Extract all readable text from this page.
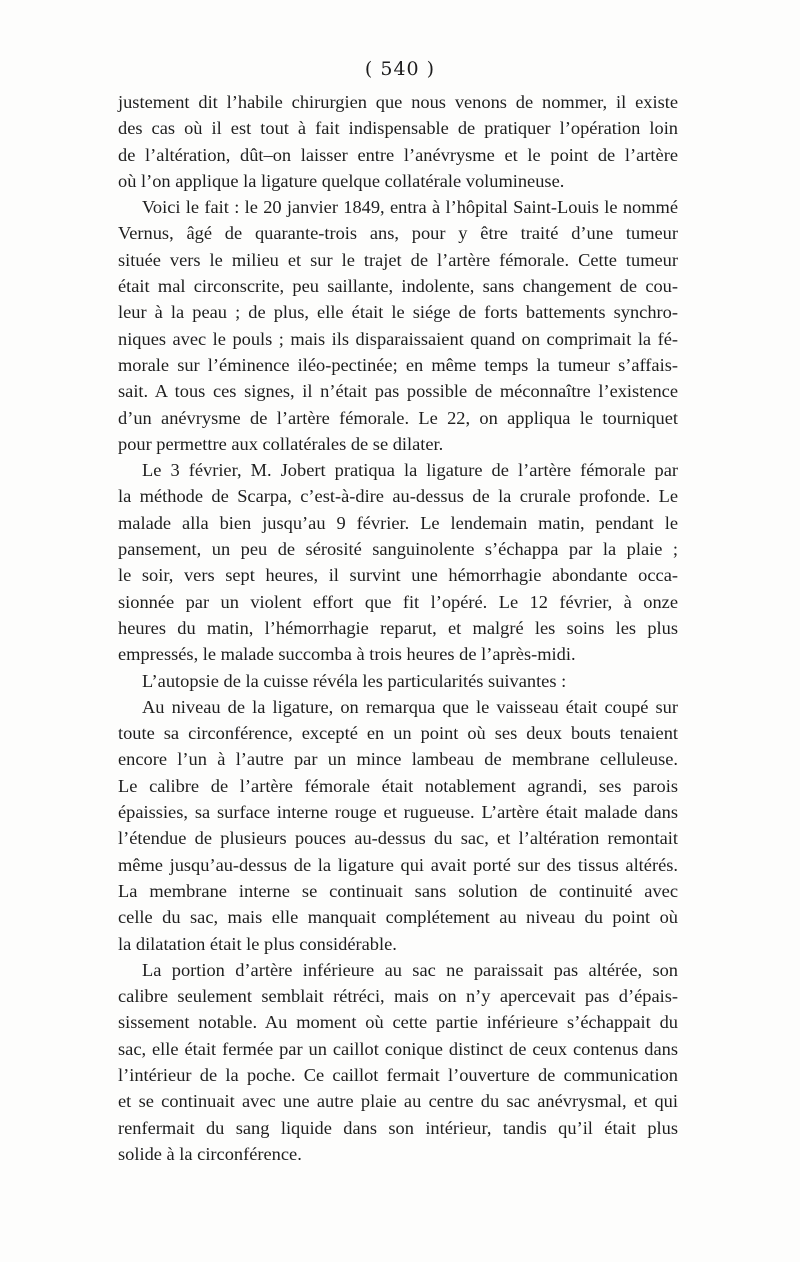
( 540 )
justement dit l’habile chirurgien que nous venons de nommer, il existe
des cas où il est tout à fait indispensable de pratiquer l’opération loin
de l’altération, dût–on laisser entre l’anévrysme et le point de l’artère
où l’on applique la ligature quelque collatérale volumineuse.
Voici le fait : le 20 janvier 1849, entra à l’hôpital Saint-Louis le nommé
Vernus, âgé de quarante-trois ans, pour y être traité d’une tumeur
située vers le milieu et sur le trajet de l’artère fémorale. Cette tumeur
était mal circonscrite, peu saillante, indolente, sans changement de cou-
leur à la peau ; de plus, elle était le siége de forts battements synchro-
niques avec le pouls ; mais ils disparaissaient quand on comprimait la fé-
morale sur l’éminence iléo-pectinée; en même temps la tumeur s’affais-
sait. A tous ces signes, il n’était pas possible de méconnaître l’existence
d’un anévrysme de l’artère fémorale. Le 22, on appliqua le tourniquet
pour permettre aux collatérales de se dilater.
Le 3 février, M. Jobert pratiqua la ligature de l’artère fémorale par
la méthode de Scarpa, c’est-à-dire au-dessus de la crurale profonde. Le
malade alla bien jusqu’au 9 février. Le lendemain matin, pendant le
pansement, un peu de sérosité sanguinolente s’échappa par la plaie ;
le soir, vers sept heures, il survint une hémorrhagie abondante occa-
sionnée par un violent effort que fit l’opéré. Le 12 février, à onze
heures du matin, l’hémorrhagie reparut, et malgré les soins les plus
empressés, le malade succomba à trois heures de l’après-midi.
L’autopsie de la cuisse révéla les particularités suivantes :
Au niveau de la ligature, on remarqua que le vaisseau était coupé sur
toute sa circonférence, excepté en un point où ses deux bouts tenaient
encore l’un à l’autre par un mince lambeau de membrane celluleuse.
Le calibre de l’artère fémorale était notablement agrandi, ses parois
épaissies, sa surface interne rouge et rugueuse. L’artère était malade dans
l’étendue de plusieurs pouces au-dessus du sac, et l’altération remontait
même jusqu’au-dessus de la ligature qui avait porté sur des tissus altérés.
La membrane interne se continuait sans solution de continuité avec
celle du sac, mais elle manquait complétement au niveau du point où
la dilatation était le plus considérable.
La portion d’artère inférieure au sac ne paraissait pas altérée, son
calibre seulement semblait rétréci, mais on n’y apercevait pas d’épais-
sissement notable. Au moment où cette partie inférieure s’échappait du
sac, elle était fermée par un caillot conique distinct de ceux contenus dans
l’intérieur de la poche. Ce caillot fermait l’ouverture de communication
et se continuait avec une autre plaie au centre du sac anévrysmal, et qui
renfermait du sang liquide dans son intérieur, tandis qu’il était plus
solide à la circonférence.
